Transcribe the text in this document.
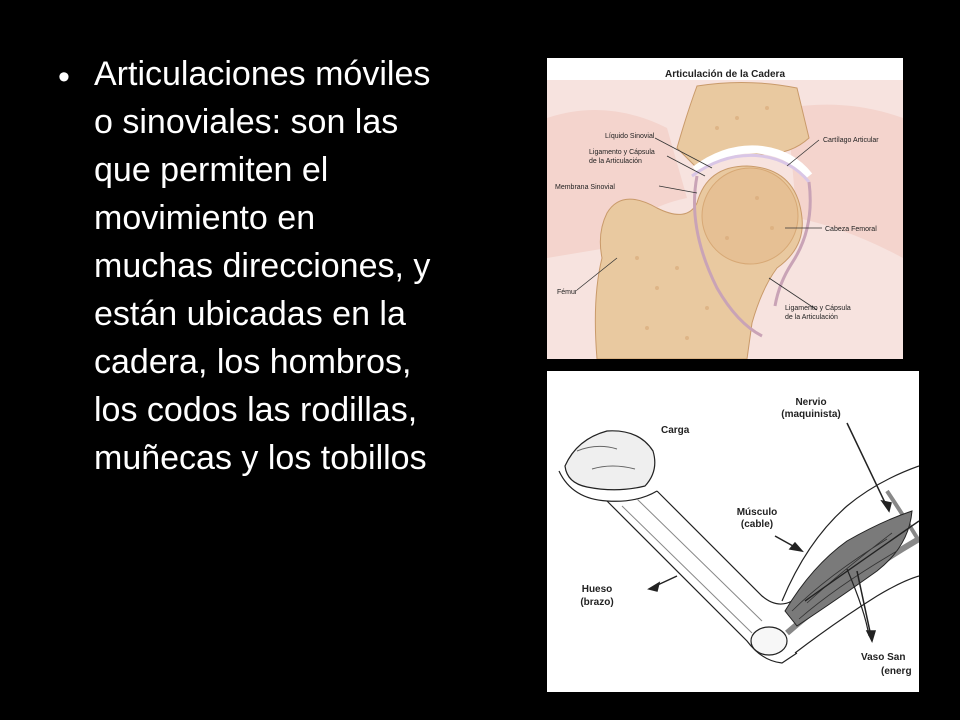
• Articulaciones móviles
o sinoviales: son las
que permiten el
movimiento en
muchas direcciones, y
están ubicadas en la
cadera, los hombros,
los codos las rodillas,
muñecas y los tobillos
Articulación de la Cadera
Líquido Sinovial
Ligamento y Cápsula
de la Articulación
Membrana Sinovial
Cartílago Articular
Cabeza Femoral
Fémur
Ligamento y Cápsula
de la Articulación
Carga
Nervio
(maquinista)
Músculo
(cable)
Hueso
(brazo)
Vaso San
(energ
